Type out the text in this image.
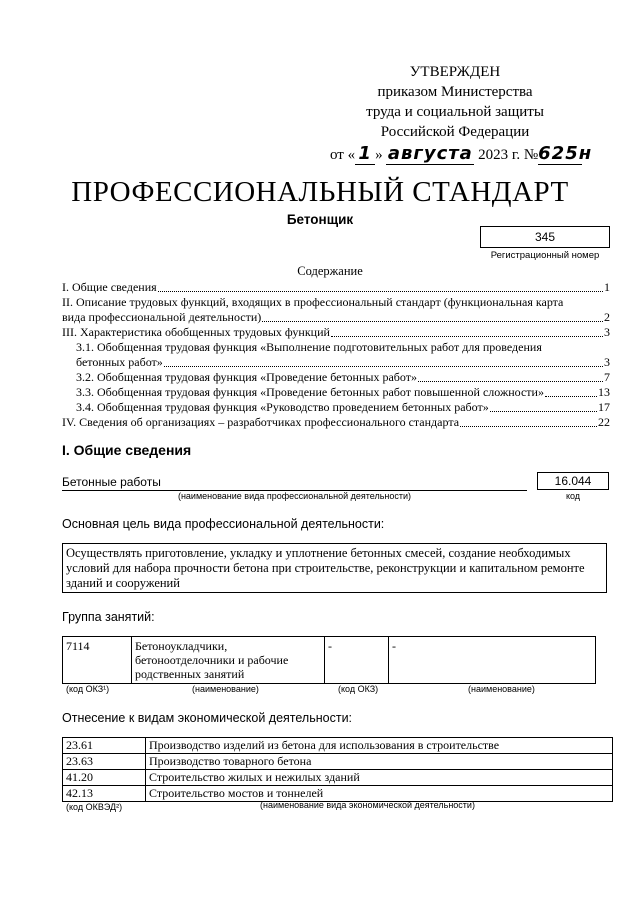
УТВЕРЖДЕН
приказом Министерства
труда и социальной защиты
Российской Федерации
от « 1 » августа 2023 г. №625н
ПРОФЕССИОНАЛЬНЫЙ СТАНДАРТ
Бетонщик
345
Регистрационный номер
Содержание
I. Общие сведения	1
II. Описание трудовых функций, входящих в профессиональный стандарт (функциональная карта
вида профессиональной деятельности)	2
III. Характеристика обобщенных трудовых функций	3
3.1. Обобщенная трудовая функция «Выполнение подготовительных работ для проведения
бетонных работ»	3
3.2. Обобщенная трудовая функция «Проведение бетонных работ»	7
3.3. Обобщенная трудовая функция «Проведение бетонных работ повышенной сложности»	13
3.4. Обобщенная трудовая функция «Руководство проведением бетонных работ»	17
IV. Сведения об организациях – разработчиках профессионального стандарта	22
I. Общие сведения
Бетонные работы	16.044
(наименование вида профессиональной деятельности)	код
Основная цель вида профессиональной деятельности:
Осуществлять приготовление, укладку и уплотнение бетонных смесей, создание необходимых условий для набора прочности бетона при строительстве, реконструкции и капитальном ремонте зданий и сооружений
Группа занятий:
7114	Бетоноукладчики, бетоноотделочники и рабочие родственных занятий	-	-
(код ОКЗ¹)	(наименование)	(код ОКЗ)	(наименование)
Отнесение к видам экономической деятельности:
23.61	Производство изделий из бетона для использования в строительстве
23.63	Производство товарного бетона
41.20	Строительство жилых и нежилых зданий
42.13	Строительство мостов и тоннелей
(код ОКВЭД²)	(наименование вида экономической деятельности)
